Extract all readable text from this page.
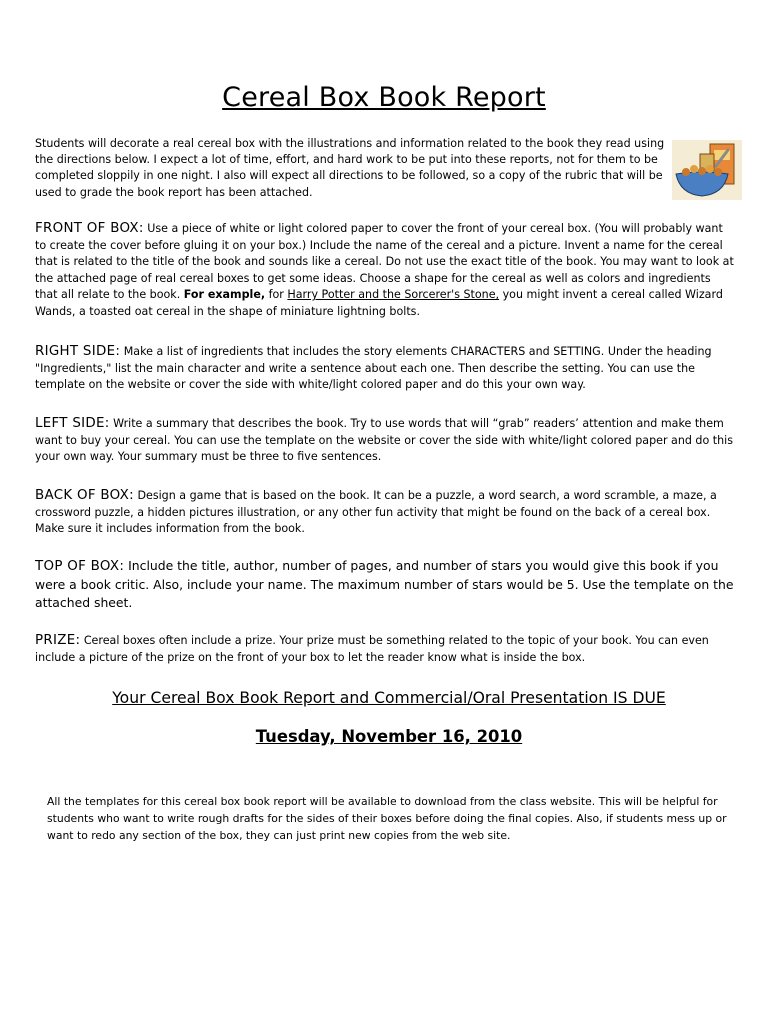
Cereal Box Book Report
Students will decorate a real cereal box with the illustrations and information related to the book they read using the directions below. I expect a lot of time, effort, and hard work to be put into these reports, not for them to be completed sloppily in one night. I also will expect all directions to be followed, so a copy of the rubric that will be used to grade the book report has been attached.
FRONT OF BOX: Use a piece of white or light colored paper to cover the front of your cereal box. (You will probably want to create the cover before gluing it on your box.) Include the name of the cereal and a picture. Invent a name for the cereal that is related to the title of the book and sounds like a cereal. Do not use the exact title of the book. You may want to look at the attached page of real cereal boxes to get some ideas. Choose a shape for the cereal as well as colors and ingredients that all relate to the book. For example, for Harry Potter and the Sorcerer's Stone, you might invent a cereal called Wizard Wands, a toasted oat cereal in the shape of miniature lightning bolts.
RIGHT SIDE: Make a list of ingredients that includes the story elements CHARACTERS and SETTING. Under the heading "Ingredients," list the main character and write a sentence about each one. Then describe the setting. You can use the template on the website or cover the side with white/light colored paper and do this your own way.
LEFT SIDE: Write a summary that describes the book. Try to use words that will “grab” readers’ attention and make them want to buy your cereal. You can use the template on the website or cover the side with white/light colored paper and do this your own way. Your summary must be three to five sentences.
BACK OF BOX: Design a game that is based on the book. It can be a puzzle, a word search, a word scramble, a maze, a crossword puzzle, a hidden pictures illustration, or any other fun activity that might be found on the back of a cereal box. Make sure it includes information from the book.
TOP OF BOX: Include the title, author, number of pages, and number of stars you would give this book if you were a book critic. Also, include your name. The maximum number of stars would be 5. Use the template on the attached sheet.
PRIZE: Cereal boxes often include a prize. Your prize must be something related to the topic of your book. You can even include a picture of the prize on the front of your box to let the reader know what is inside the box.
Your Cereal Box Book Report and Commercial/Oral Presentation IS DUE
Tuesday, November 16, 2010
All the templates for this cereal box book report will be available to download from the class website. This will be helpful for students who want to write rough drafts for the sides of their boxes before doing the final copies. Also, if students mess up or want to redo any section of the box, they can just print new copies from the web site.
